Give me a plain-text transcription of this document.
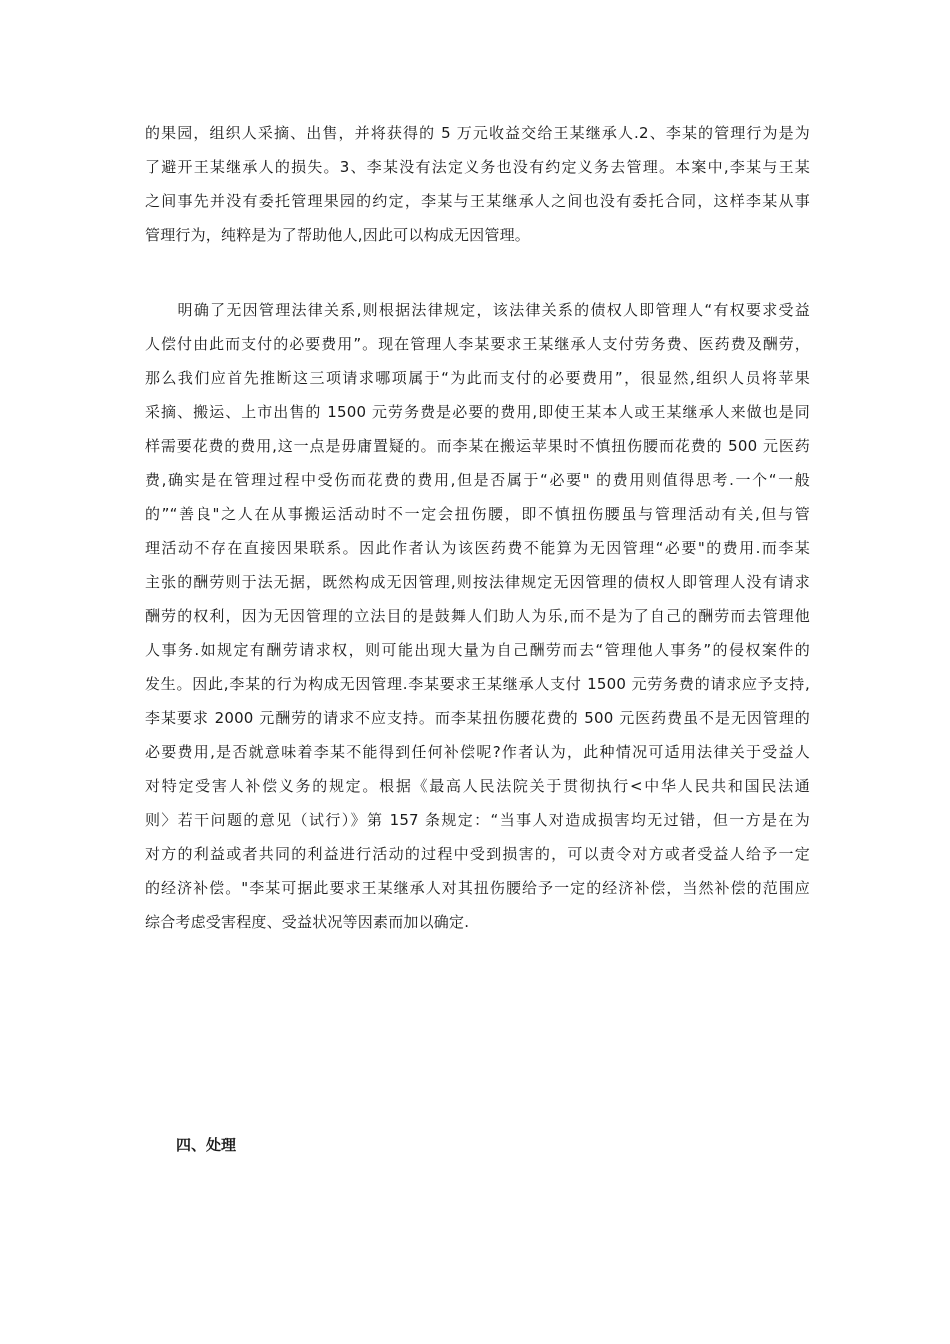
的果园，组织人采摘、出售，并将获得的 5 万元收益交给王某继承人.2、李某的管理行为是为
了避开王某继承人的损失。3、李某没有法定义务也没有约定义务去管理。本案中,李某与王某
之间事先并没有委托管理果园的约定，李某与王某继承人之间也没有委托合同，这样李某从事
管理行为，纯粹是为了帮助他人,因此可以构成无因管理。
　　明确了无因管理法律关系,则根据法律规定，该法律关系的债权人即管理人“有权要求受益
人偿付由此而支付的必要费用”。现在管理人李某要求王某继承人支付劳务费、医药费及酬劳，
那么我们应首先推断这三项请求哪项属于“为此而支付的必要费用”，很显然,组织人员将苹果
采摘、搬运、上市出售的 1500 元劳务费是必要的费用,即使王某本人或王某继承人来做也是同
样需要花费的费用,这一点是毋庸置疑的。而李某在搬运苹果时不慎扭伤腰而花费的 500 元医药
费,确实是在管理过程中受伤而花费的费用,但是否属于“必要" 的费用则值得思考.一个“一般
的”“善良"之人在从事搬运活动时不一定会扭伤腰，即不慎扭伤腰虽与管理活动有关,但与管
理活动不存在直接因果联系。因此作者认为该医药费不能算为无因管理“必要"的费用.而李某
主张的酬劳则于法无据，既然构成无因管理,则按法律规定无因管理的债权人即管理人没有请求
酬劳的权利，因为无因管理的立法目的是鼓舞人们助人为乐,而不是为了自己的酬劳而去管理他
人事务.如规定有酬劳请求权，则可能出现大量为自己酬劳而去“管理他人事务”的侵权案件的
发生。因此,李某的行为构成无因管理.李某要求王某继承人支付 1500 元劳务费的请求应予支持,
李某要求 2000 元酬劳的请求不应支持。而李某扭伤腰花费的 500 元医药费虽不是无因管理的
必要费用,是否就意味着李某不能得到任何补偿呢?作者认为，此种情况可适用法律关于受益人
对特定受害人补偿义务的规定。根据《最高人民法院关于贯彻执行<中华人民共和国民法通
则〉若干问题的意见（试行）》第 157 条规定：“当事人对造成损害均无过错，但一方是在为
对方的利益或者共同的利益进行活动的过程中受到损害的，可以责令对方或者受益人给予一定
的经济补偿。"李某可据此要求王某继承人对其扭伤腰给予一定的经济补偿，当然补偿的范围应
综合考虑受害程度、受益状况等因素而加以确定.
四、处理
